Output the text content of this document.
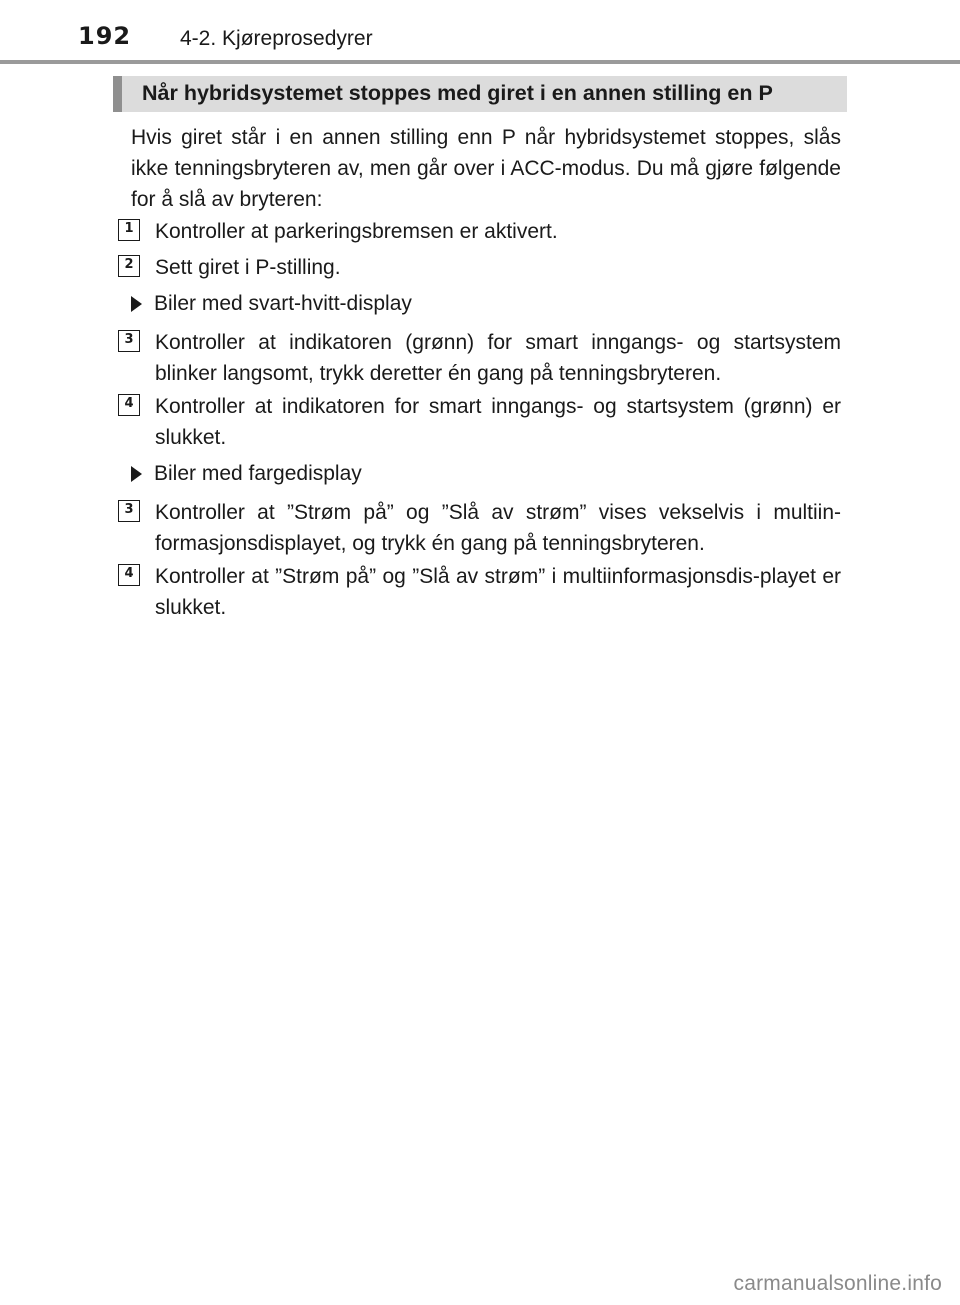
192 4-2. Kjøreprosedyrer
Når hybridsystemet stoppes med giret i en annen stilling en P

Hvis giret står i en annen stilling enn P når hybridsystemet stoppes, slås ikke tenningsbryteren av, men går over i ACC-modus. Du må gjøre følgende for å slå av bryteren:

1	Kontroller at parkeringsbremsen er aktivert.

2	Sett giret i P-stilling.

Biler med svart-hvitt-display
3	Kontroller at indikatoren (grønn) for smart inngangs- og startsystem blinker langsomt, trykk deretter én gang på tenningsbryteren.

4	Kontroller at indikatoren for smart inngangs- og startsystem (grønn) er slukket.

Biler med fargedisplay
3	Kontroller at ”Strøm på” og ”Slå av strøm” vises vekselvis i multiin-formasjonsdisplayet, og trykk én gang på tenningsbryteren.

4	Kontroller at ”Strøm på” og ”Slå av strøm” i multiinformasjonsdis-playet er slukket.

carmanualsonline.info
